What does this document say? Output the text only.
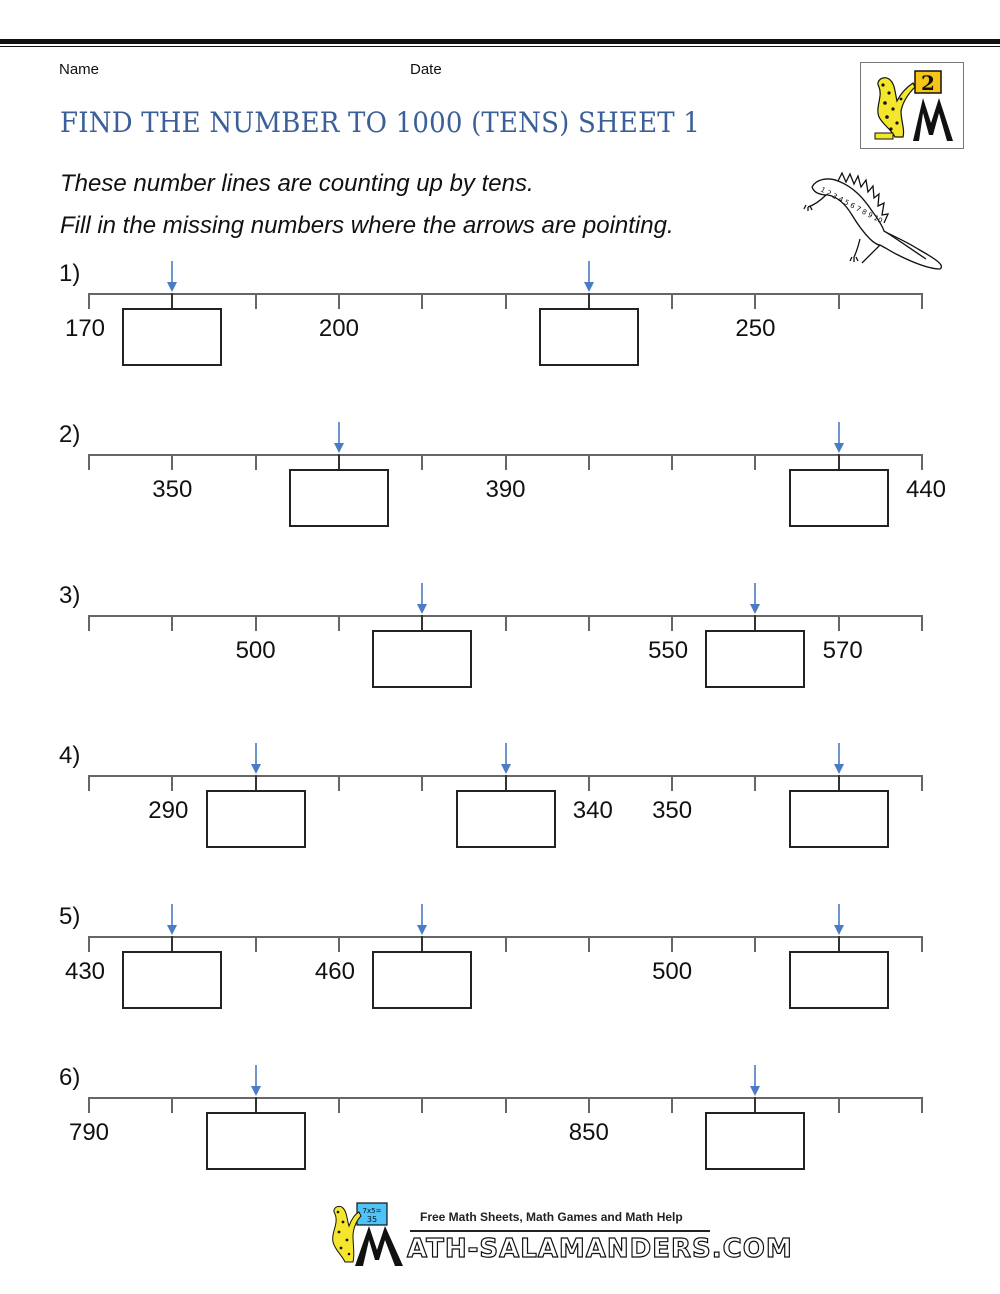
Name	Date
FIND THE NUMBER TO 1000 (TENS) SHEET 1
2
These number lines are counting up by tens.
Fill in the missing numbers where the arrows are pointing.
1 2 3 4 5 6 7 8 9 10
1)
170	200	250
2)
350	390	440
3)
500	550	570
4)
290	340 350
5)
430	460	500
6)
790	850
7x5=
35	Free Math Sheets, Math Games and Math Help
ATH-SALAMANDERS.COM
